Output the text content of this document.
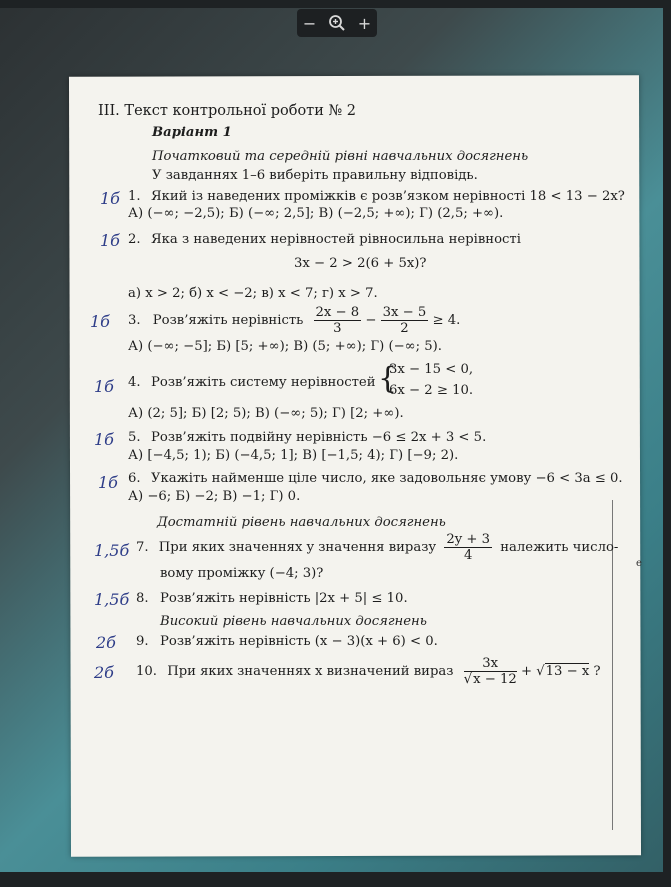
−	+
е
III. Текст контрольної роботи № 2
Варіант 1
Початковий та середній рівні навчальних досягнень
У завданнях 1–6 виберіть правильну відповідь.
1б 1. Який із наведених проміжків є розв’язком нерівності 18 < 13 − 2x?
А) (−∞; −2,5); Б) (−∞; 2,5]; В) (−2,5; +∞); Г) (2,5; +∞).
1б 2. Яка з наведених нерівностей рівносильна нерівності
3x − 2 > 2(6 + 5x)?
а) x > 2; б) x < −2; в) x < 7; г) x > 7.
1б 3. Розв’яжіть нерівність $\frac{2x - 8}{3} - \frac{3x - 5}{2} \ge 4$.
А) (−∞; −5]; Б) [5; +∞); В) (5; +∞); Г) (−∞; 5).
1б 4. Розв’яжіть систему нерівностей {
3x − 15 < 0,
6x − 2 ≥ 10.
А) (2; 5]; Б) [2; 5); В) (−∞; 5); Г) [2; +∞).
1б 5. Розв’яжіть подвійну нерівність −6 ≤ 2x + 3 < 5.
А) [−4,5; 1); Б) (−4,5; 1]; В) [−1,5; 4); Г) [−9; 2).
1б 6. Укажіть найменше ціле число, яке задовольняє умову −6 < 3a ≤ 0.
А) −6; Б) −2; В) −1; Г) 0.
Достатній рівень навчальних досягнень
1,5б 7. При яких значеннях y значення виразу $\frac{2y + 3}{4}$ належить число-
вому проміжку (−4; 3)?
1,5б 8. Розв’яжіть нерівність |2x + 5| ≤ 10.
Високий рівень навчальних досягнень
2б 9. Розв’яжіть нерівність (x − 3)(x + 6) < 0.
2б 10. При яких значеннях x визначений вираз $\frac{3x}{√x - 12} + √13 - x$ ?
